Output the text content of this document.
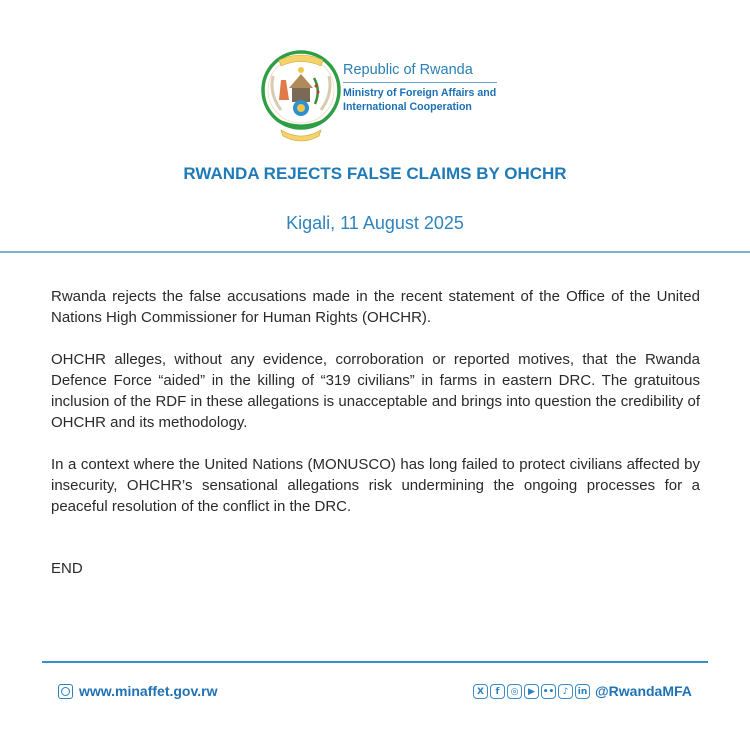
Republic of Rwanda
Ministry of Foreign Affairs and
International Cooperation
RWANDA REJECTS FALSE CLAIMS BY OHCHR
Kigali, 11 August 2025

Rwanda rejects the false accusations made in the recent statement of the Office of the United Nations High Commissioner for Human Rights (OHCHR).

OHCHR alleges, without any evidence, corroboration or reported motives, that the Rwanda Defence Force “aided” in the killing of “319 civilians” in farms in eastern DRC. The gratuitous inclusion of the RDF in these allegations is unacceptable and brings into question the credibility of OHCHR and its methodology.

In a context where the United Nations (MONUSCO) has long failed to protect civilians affected by insecurity, OHCHR’s sensational allegations risk undermining the ongoing processes for a peaceful resolution of the conflict in the DRC.

END
www.minaffet.gov.rw	X	f	◎	▶ •• ♪	in @RwandaMFA
